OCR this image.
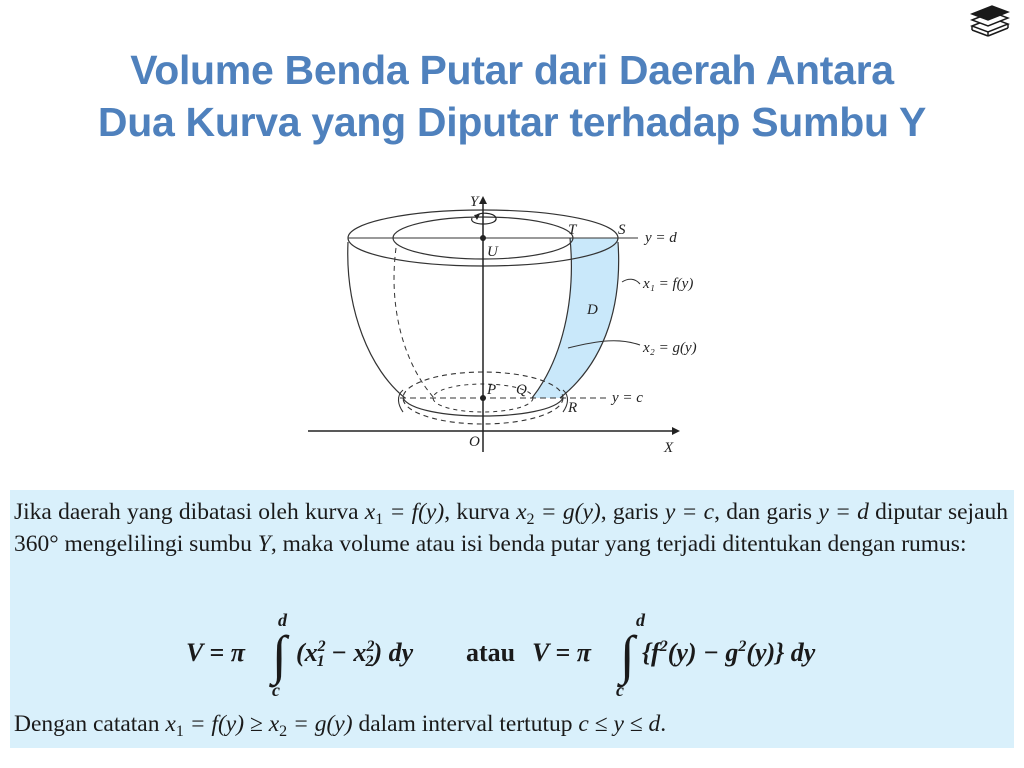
Volume Benda Putar dari Daerah Antara
Dua Kurva yang Diputar terhadap Sumbu Y
Y
X
O
T	S
U
D
P Q
R
y = d
y = c
x₁ = f(y)
x₂ = g(y)
Jika daerah yang dibatasi oleh kurva $x_1 = f(y)$, kurva $x_2 = g(y)$, garis y = c, dan garis y = d diputar sejauh 360° mengelilingi sumbu Y, maka volume atau isi benda putar yang terjadi ditentukan dengan rumus:
V = π
d
∫
c
$(x^2_1 - x^2_2)$ dy atau V = π
d
∫
c
$\{f^2(y) - g^2(y)\}$ dy
Dengan catatan $x_1 = f(y) \ge x_2 = g(y)$ dalam interval tertutup c ≤ y ≤ d.
